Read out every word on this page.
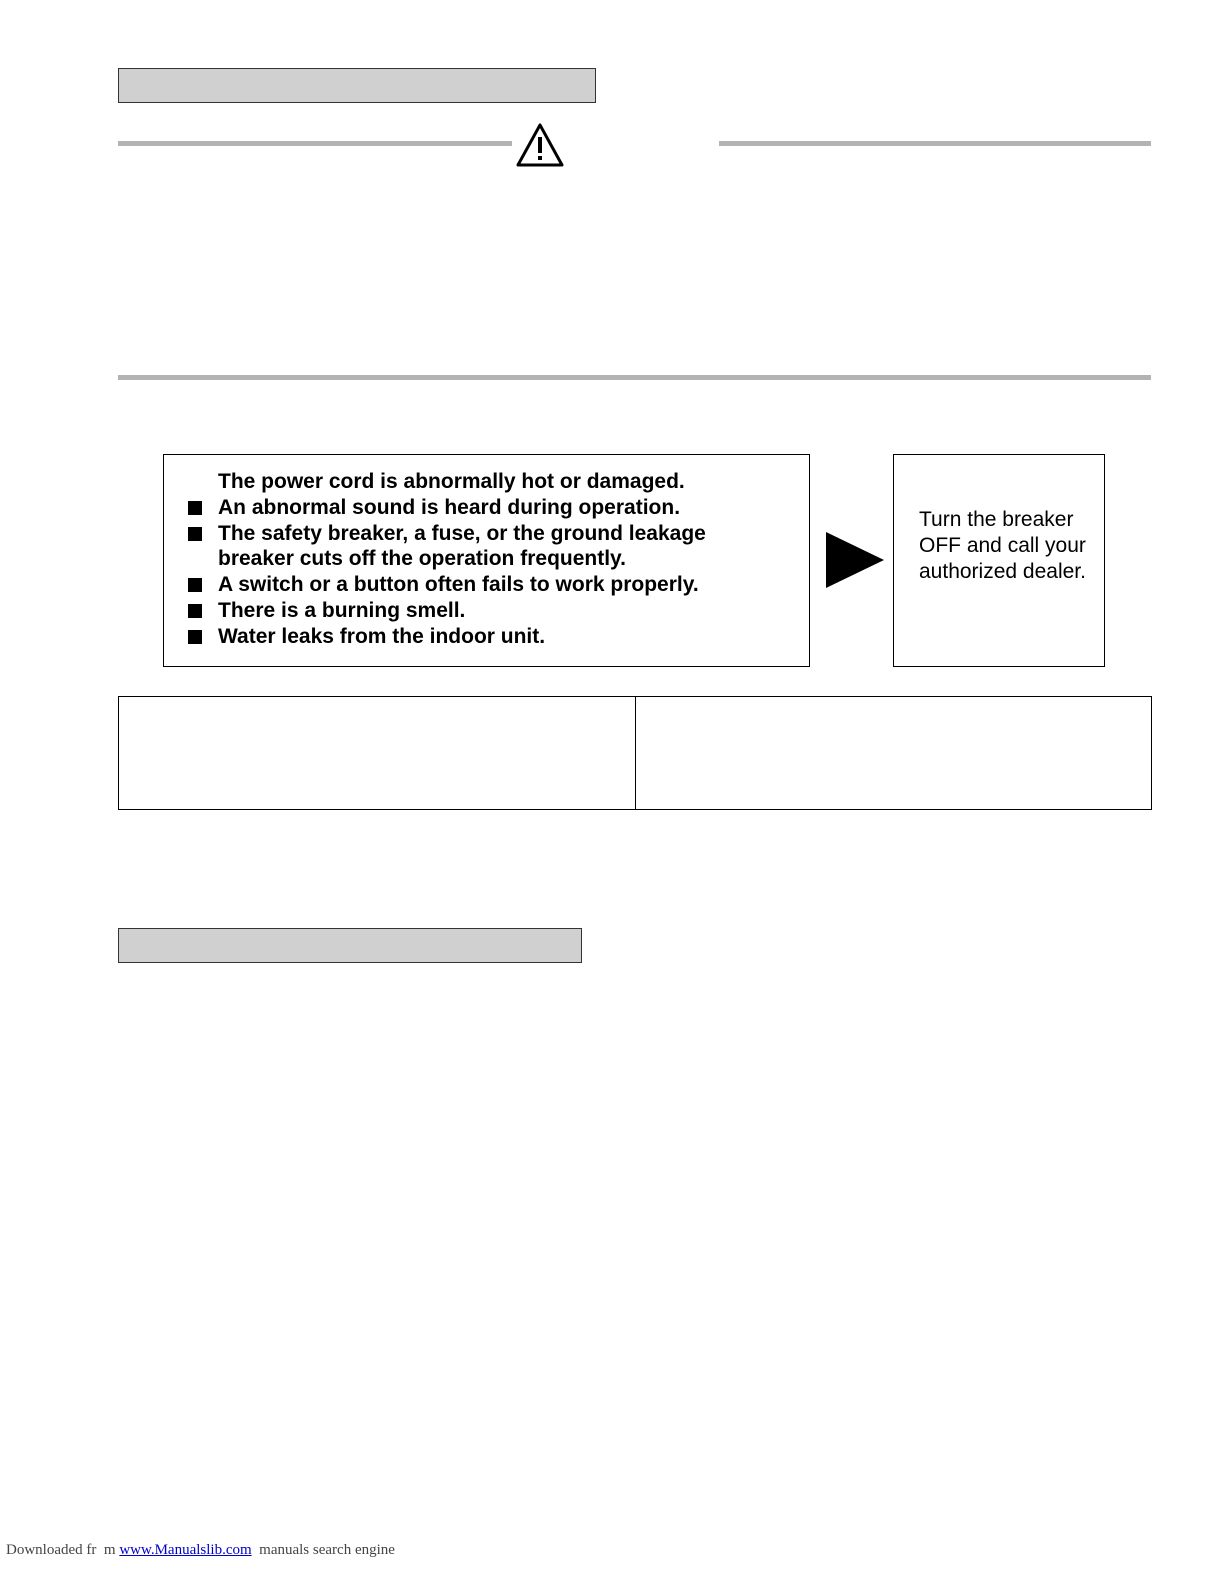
The power cord is abnormally hot or damaged.
An abnormal sound is heard during operation.
The safety breaker, a fuse, or the ground leakage
breaker cuts off the operation frequently.
A switch or a button often fails to work properly.
There is a burning smell.
Water leaks from the indoor unit.
Turn the breaker OFF and call your authorized dealer.
Downloaded fr  m www.Manualslib.com  manuals search engine
